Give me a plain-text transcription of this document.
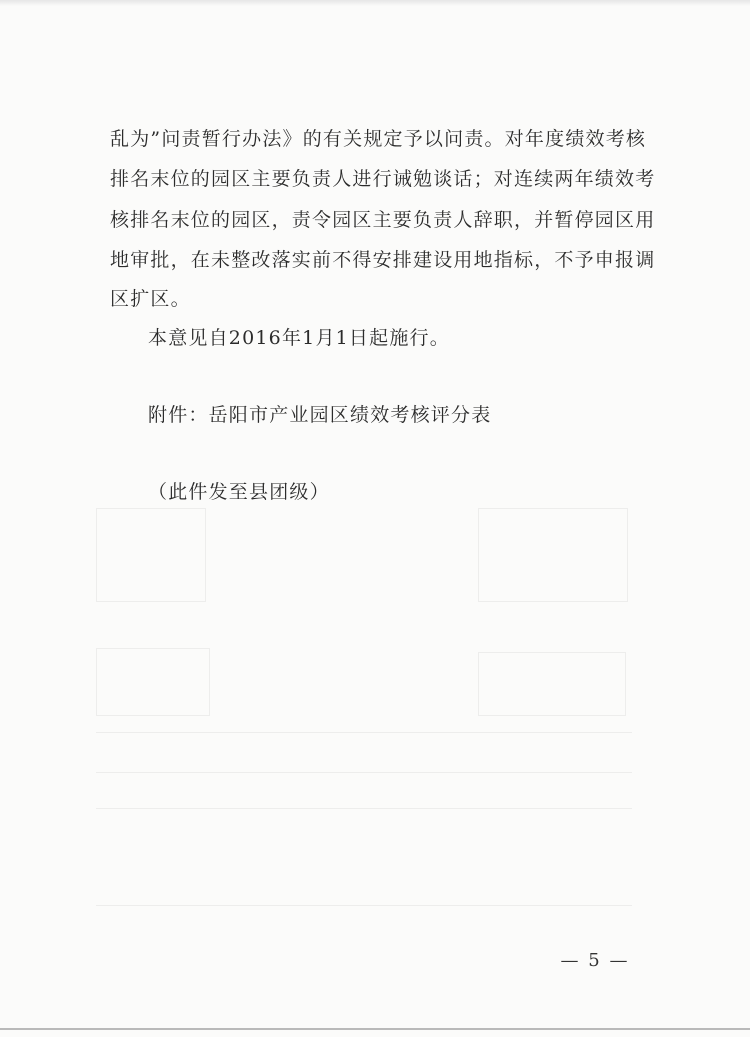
乱为”问责暂行办法》的有关规定予以问责。对年度绩效考核
排名末位的园区主要负责人进行诫勉谈话；对连续两年绩效考
核排名末位的园区，责令园区主要负责人辞职，并暂停园区用
地审批，在未整改落实前不得安排建设用地指标，不予申报调
区扩区。
本意见自2016年1月1日起施行。
附件：岳阳市产业园区绩效考核评分表
（此件发至县团级）
— 5 —
